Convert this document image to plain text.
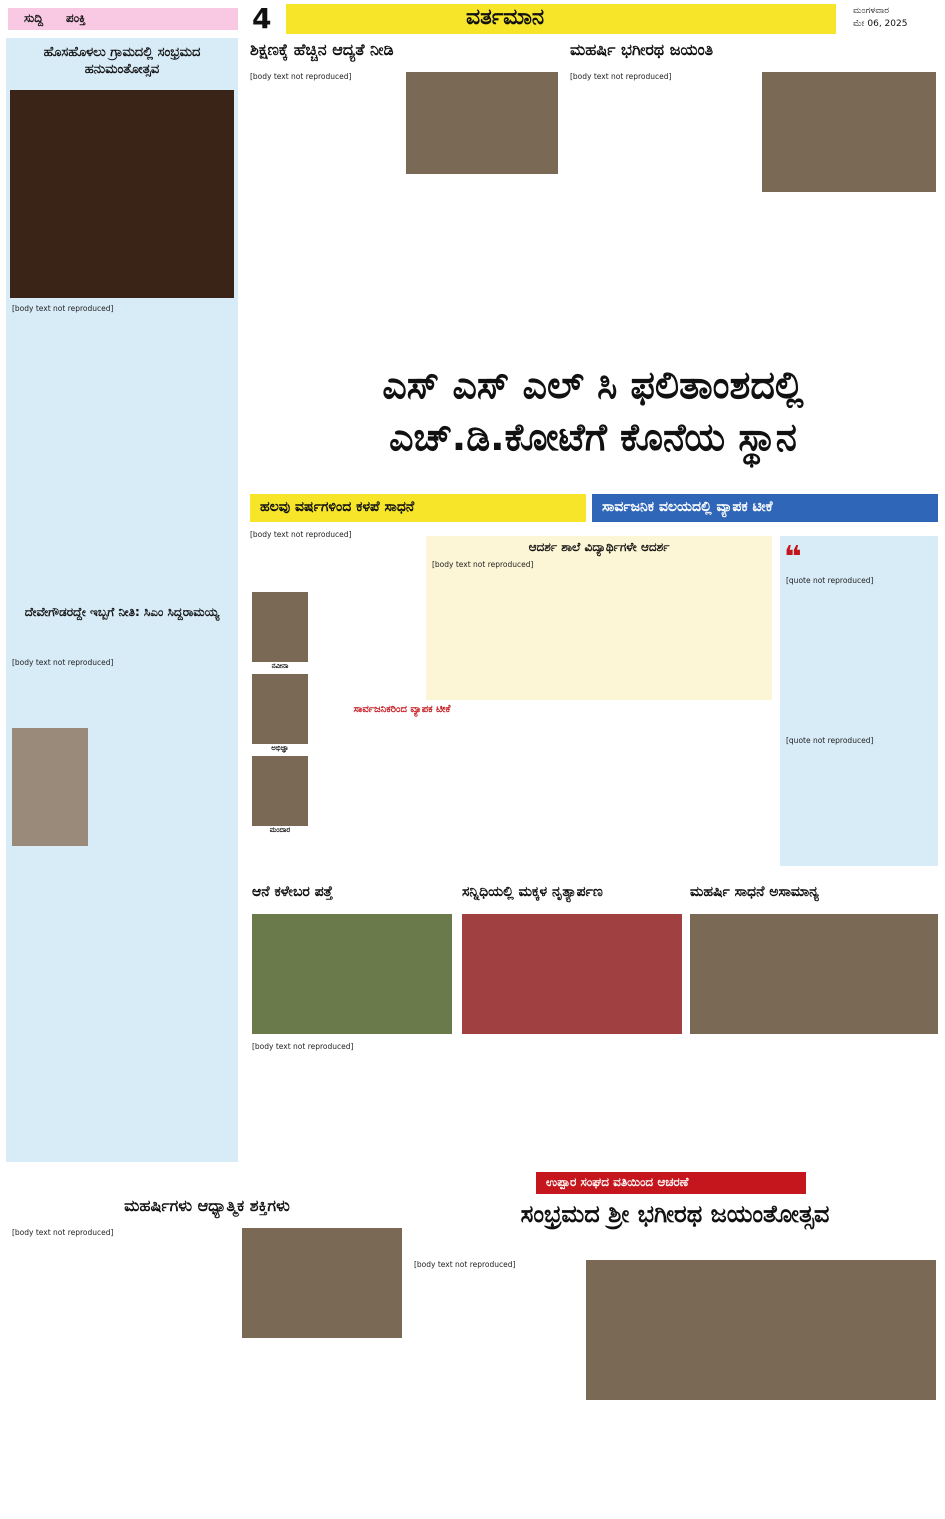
ಸುದ್ದಿ ಪಂಕ್ತಿ	4	ವರ್ತಮಾನ	ಮಂಗಳವಾರ
ಮೇ 06, 2025
ಹೊಸಹೊಳಲು ಗ್ರಾಮದಲ್ಲಿ ಸಂಭ್ರಮದ ಹನುಮಂತೋತ್ಸವ
[body text not reproduced]
ದೇವೇಗೌಡರದ್ದೇ ಇಬ್ಬಗೆ ನೀತಿ: ಸಿಎಂ ಸಿದ್ದರಾಮಯ್ಯ
[body text not reproduced]
ಶಿಕ್ಷಣಕ್ಕೆ ಹೆಚ್ಚಿನ ಆದ್ಯತೆ ನೀಡಿ
[body text not reproduced]
ಮಹರ್ಷಿ ಭಗೀರಥ ಜಯಂತಿ
[body text not reproduced]
ಎಸ್ ಎಸ್ ಎಲ್ ಸಿ ಫಲಿತಾಂಶದಲ್ಲಿ
ಎಚ್.ಡಿ.ಕೋಟೆಗೆ ಕೊನೆಯ ಸ್ಥಾನ
ಹಲವು ವರ್ಷಗಳಿಂದ ಕಳಪೆ ಸಾಧನೆ	ಸಾರ್ವಜನಿಕ ವಲಯದಲ್ಲಿ ವ್ಯಾಪಕ ಟೀಕೆ
[body text not reproduced]
ಆದರ್ಶ ಶಾಲೆ ವಿದ್ಯಾರ್ಥಿಗಳೇ ಆದರ್ಶ
[body text not reproduced]
ನವೀನಾ
ಅಭಿಜ್ಞಾ
ಮಂದಾರ
ಸಾರ್ವಜನಿಕರಿಂದ ವ್ಯಾಪಕ ಟೀಕೆ
❝
[quote not reproduced]
[quote not reproduced]
ಆನೆ ಕಳೇಬರ ಪತ್ತೆ	ಸನ್ನಿಧಿಯಲ್ಲಿ ಮಕ್ಕಳ ನೃತ್ಯಾರ್ಪಣ	ಮಹರ್ಷಿ ಸಾಧನೆ ಅಸಾಮಾನ್ಯ
[body text not reproduced]
ಮಹರ್ಷಿಗಳು ಆಧ್ಯಾತ್ಮಿಕ ಶಕ್ತಿಗಳು
[body text not reproduced]
ಉಪ್ಪಾರ ಸಂಘದ ವತಿಯಿಂದ ಆಚರಣೆ
ಸಂಭ್ರಮದ ಶ್ರೀ ಭಗೀರಥ ಜಯಂತೋತ್ಸವ
[body text not reproduced]
